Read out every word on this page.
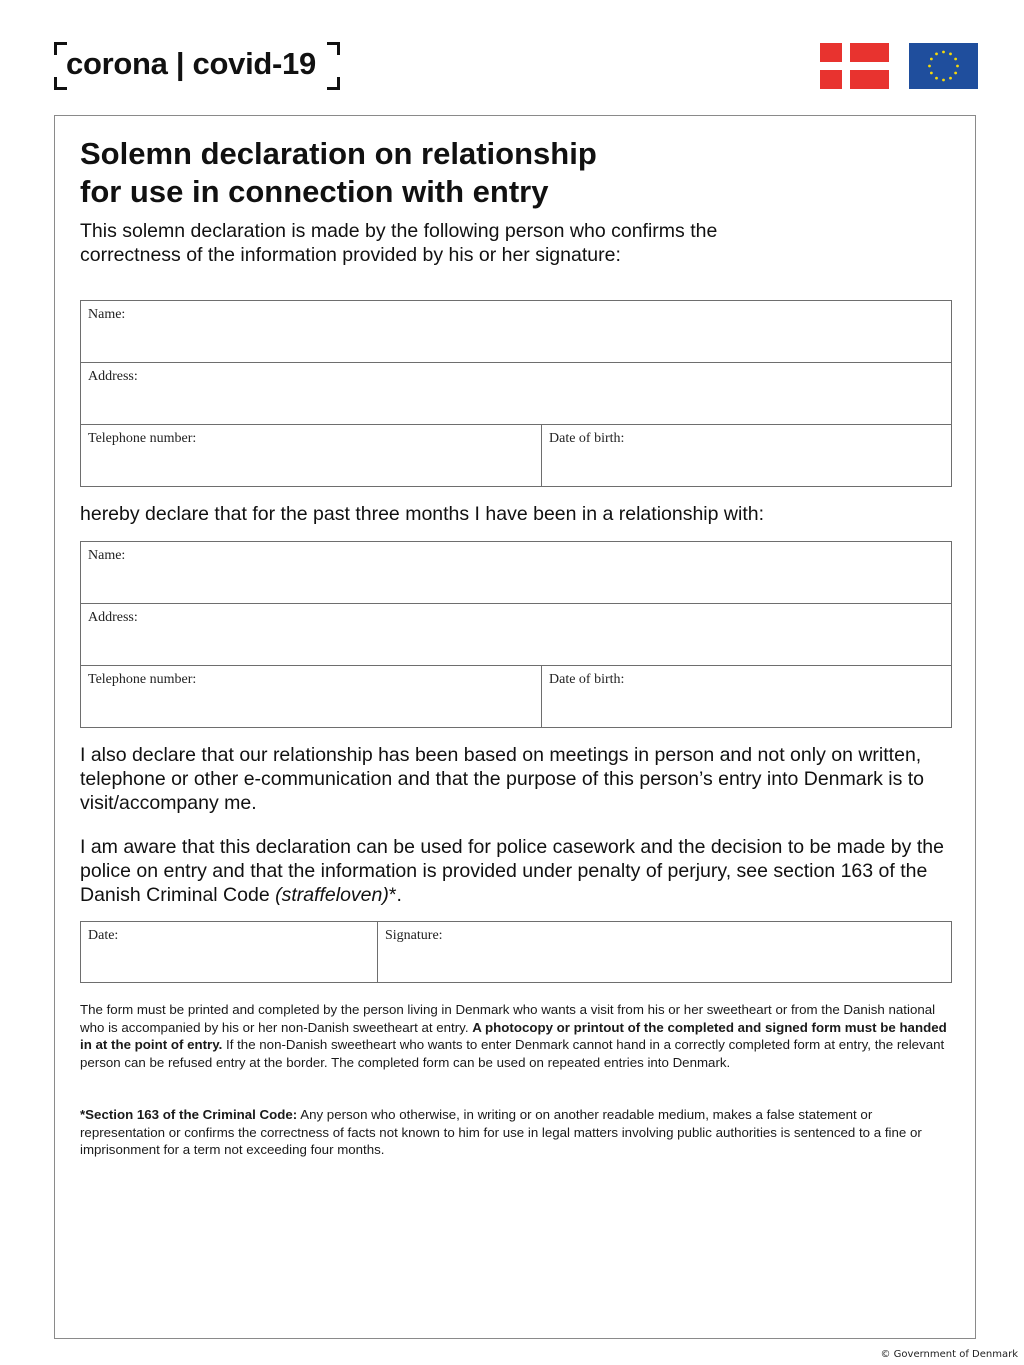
corona | covid-19
Solemn declaration on relationship
for use in connection with entry
This solemn declaration is made by the following person who confirms the correctness of the information provided by his or her signature:
Name:
Address:
Telephone number:	Date of birth:
hereby declare that for the past three months I have been in a relationship with:
Name:
Address:
Telephone number:	Date of birth:
I also declare that our relationship has been based on meetings in person and not only on written, telephone or other e-communication and that the purpose of this person’s entry into Denmark is to visit/accompany me.
I am aware that this declaration can be used for police casework and the decision to be made by the police on entry and that the information is provided under penalty of perjury, see section 163 of the Danish Criminal Code (straffeloven)*.
Date:	Signature:
The form must be printed and completed by the person living in Denmark who wants a visit from his or her sweetheart or from the Danish national who is accompanied by his or her non-Danish sweetheart at entry. A photocopy or printout of the completed and signed form must be handed in at the point of entry. If the non-Danish sweetheart who wants to enter Denmark cannot hand in a correctly completed form at entry, the relevant person can be refused entry at the border. The completed form can be used on repeated entries into Denmark.
*Section 163 of the Criminal Code: Any person who otherwise, in writing or on another readable medium, makes a false statement or representation or confirms the correctness of facts not known to him for use in legal matters involving public authorities is sentenced to a fine or imprisonment for a term not exceeding four months.
© Government of Denmark
